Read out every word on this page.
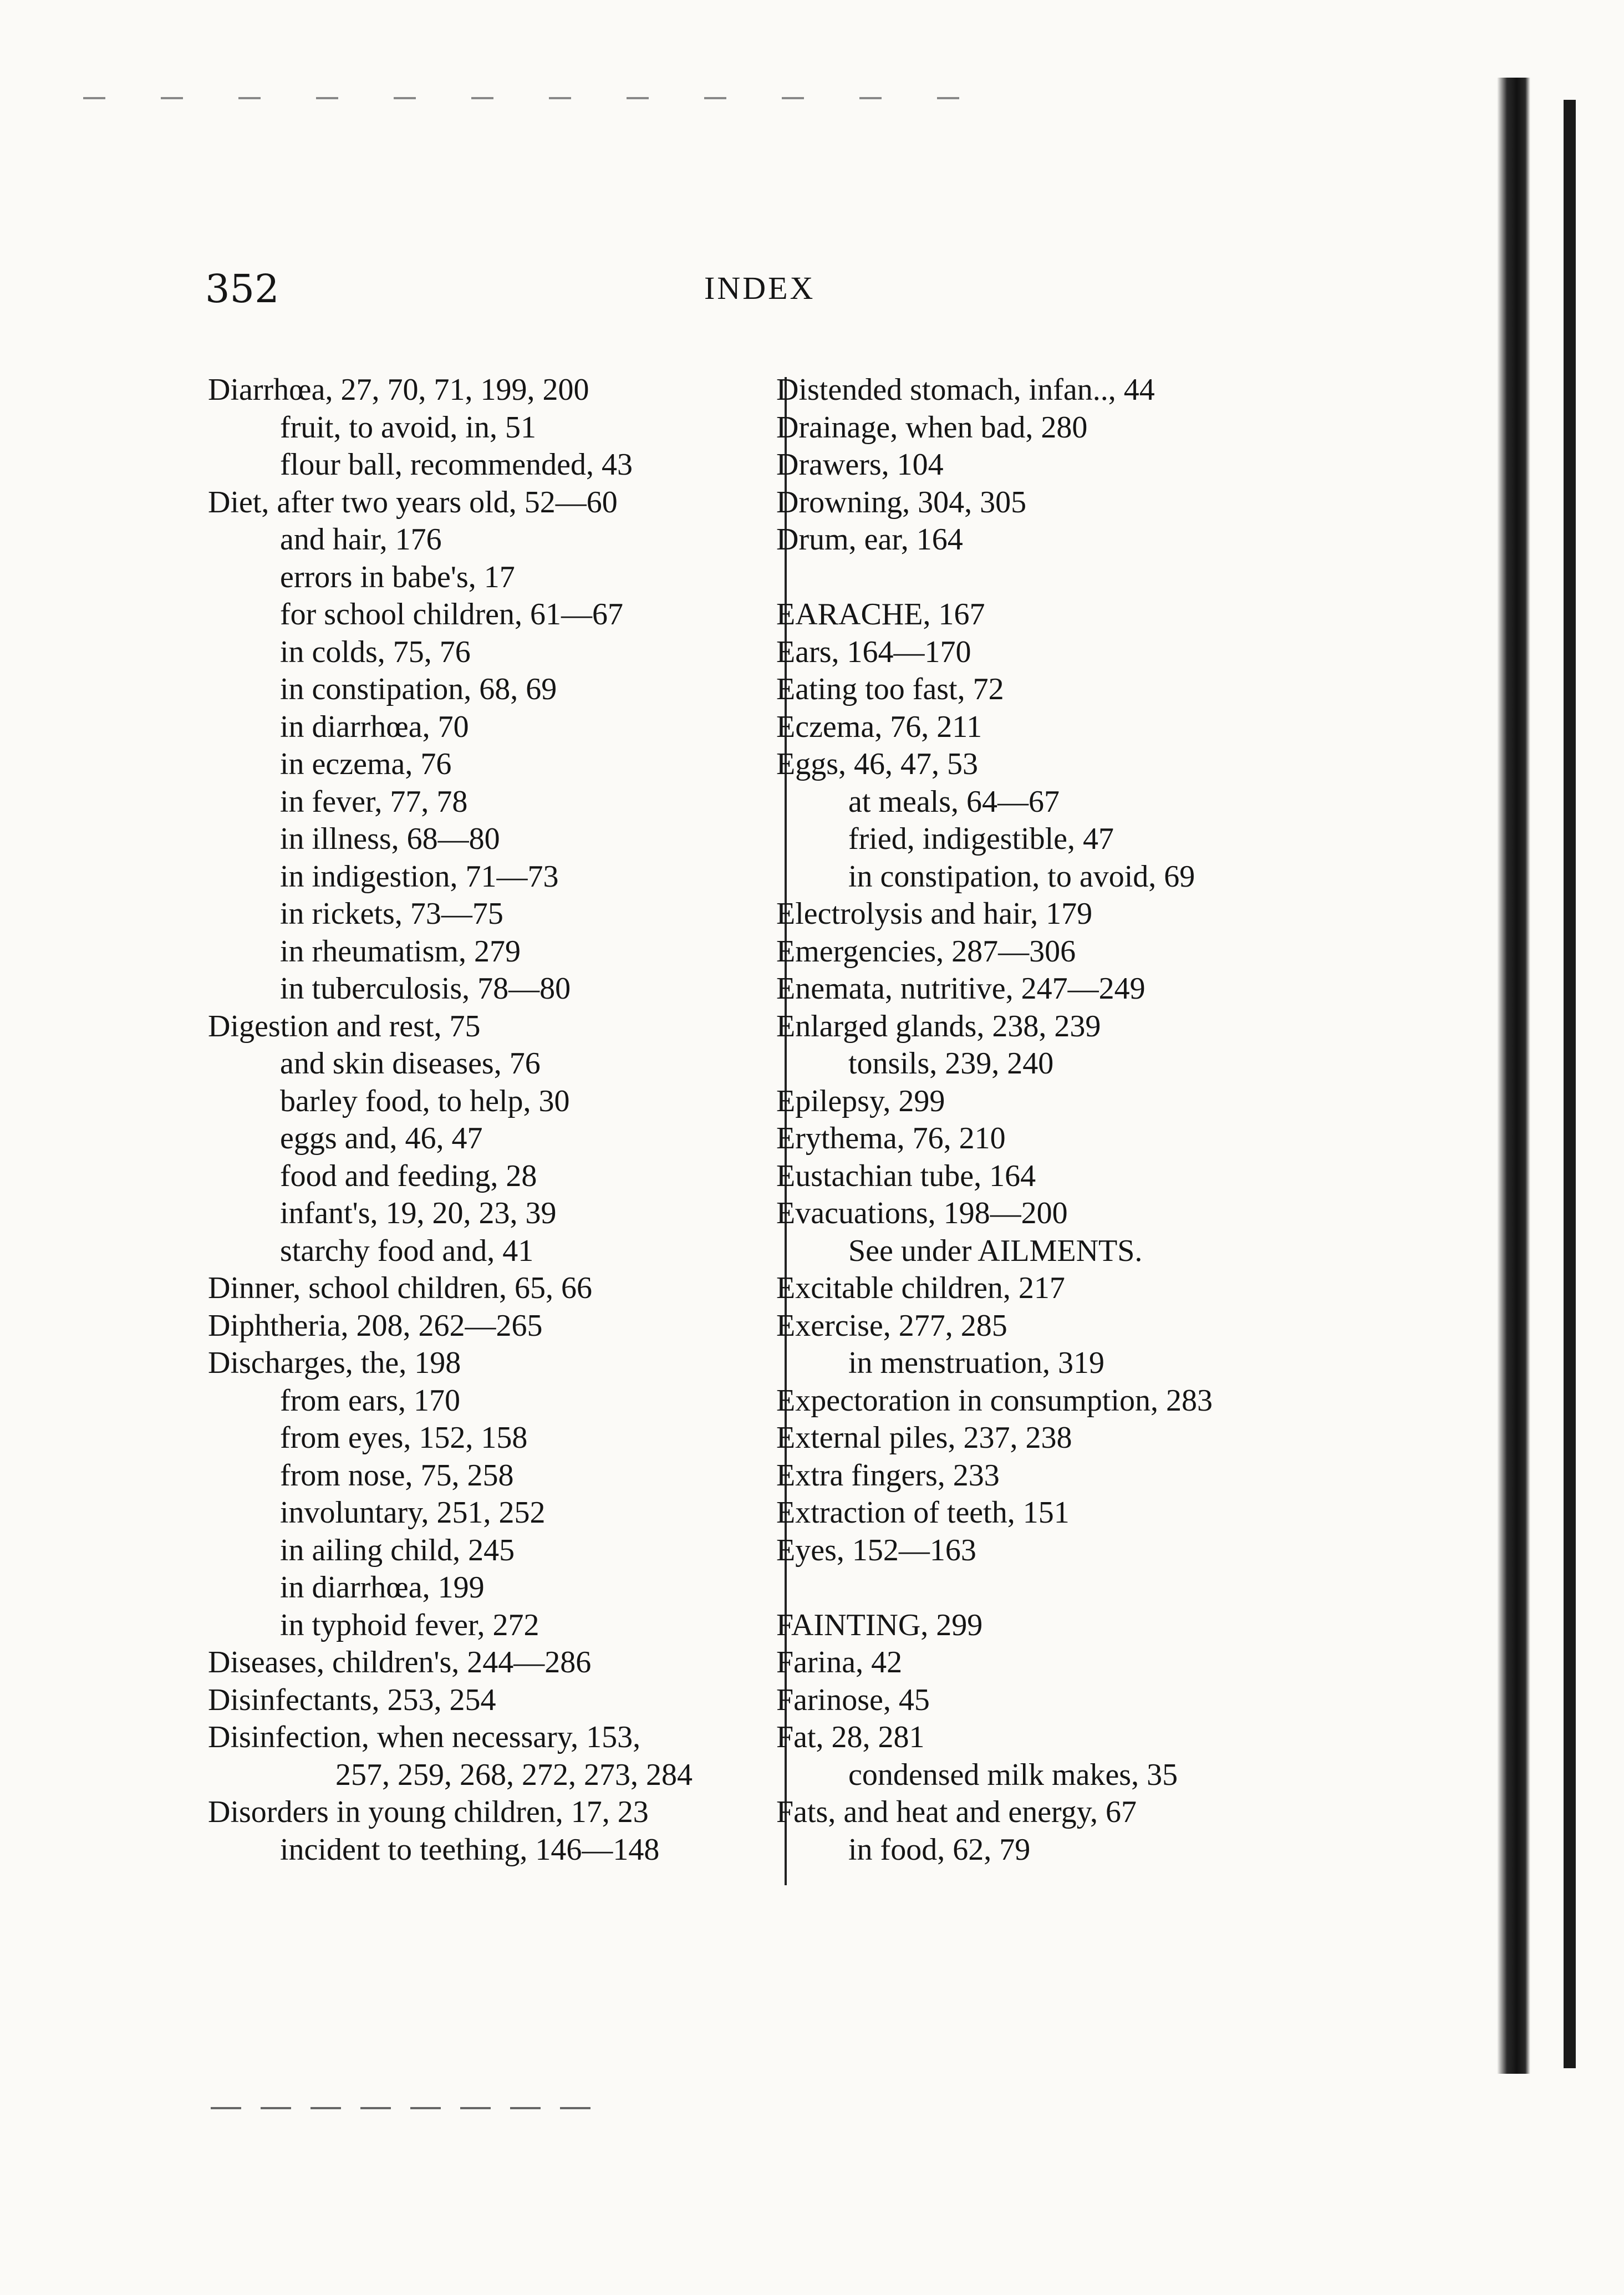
352	INDEX
Diarrhœa, 27, 70, 71, 199, 200
fruit, to avoid, in, 51
flour ball, recommended, 43
Diet, after two years old, 52—60
and hair, 176
errors in babe's, 17
for school children, 61—67
in colds, 75, 76
in constipation, 68, 69
in diarrhœa, 70
in eczema, 76
in fever, 77, 78
in illness, 68—80
in indigestion, 71—73
in rickets, 73—75
in rheumatism, 279
in tuberculosis, 78—80
Digestion and rest, 75
and skin diseases, 76
barley food, to help, 30
eggs and, 46, 47
food and feeding, 28
infant's, 19, 20, 23, 39
starchy food and, 41
Dinner, school children, 65, 66
Diphtheria, 208, 262—265
Discharges, the, 198
from ears, 170
from eyes, 152, 158
from nose, 75, 258
involuntary, 251, 252
in ailing child, 245
in diarrhœa, 199
in typhoid fever, 272
Diseases, children's, 244—286
Disinfectants, 253, 254
Disinfection, when necessary, 153,
257, 259, 268, 272, 273, 284
Disorders in young children, 17, 23
incident to teething, 146—148
Distended stomach, infan.., 44
Drainage, when bad, 280
Drawers, 104
Drowning, 304, 305
Drum, ear, 164
EARACHE, 167
Ears, 164—170
Eating too fast, 72
Eczema, 76, 211
Eggs, 46, 47, 53
at meals, 64—67
fried, indigestible, 47
in constipation, to avoid, 69
Electrolysis and hair, 179
Emergencies, 287—306
Enemata, nutritive, 247—249
Enlarged glands, 238, 239
tonsils, 239, 240
Epilepsy, 299
Erythema, 76, 210
Eustachian tube, 164
Evacuations, 198—200
See under AILMENTS.
Excitable children, 217
Exercise, 277, 285
in menstruation, 319
Expectoration in consumption, 283
External piles, 237, 238
Extra fingers, 233
Extraction of teeth, 151
Eyes, 152—163
FAINTING, 299
Farina, 42
Farinose, 45
Fat, 28, 281
condensed milk makes, 35
Fats, and heat and energy, 67
in food, 62, 79
